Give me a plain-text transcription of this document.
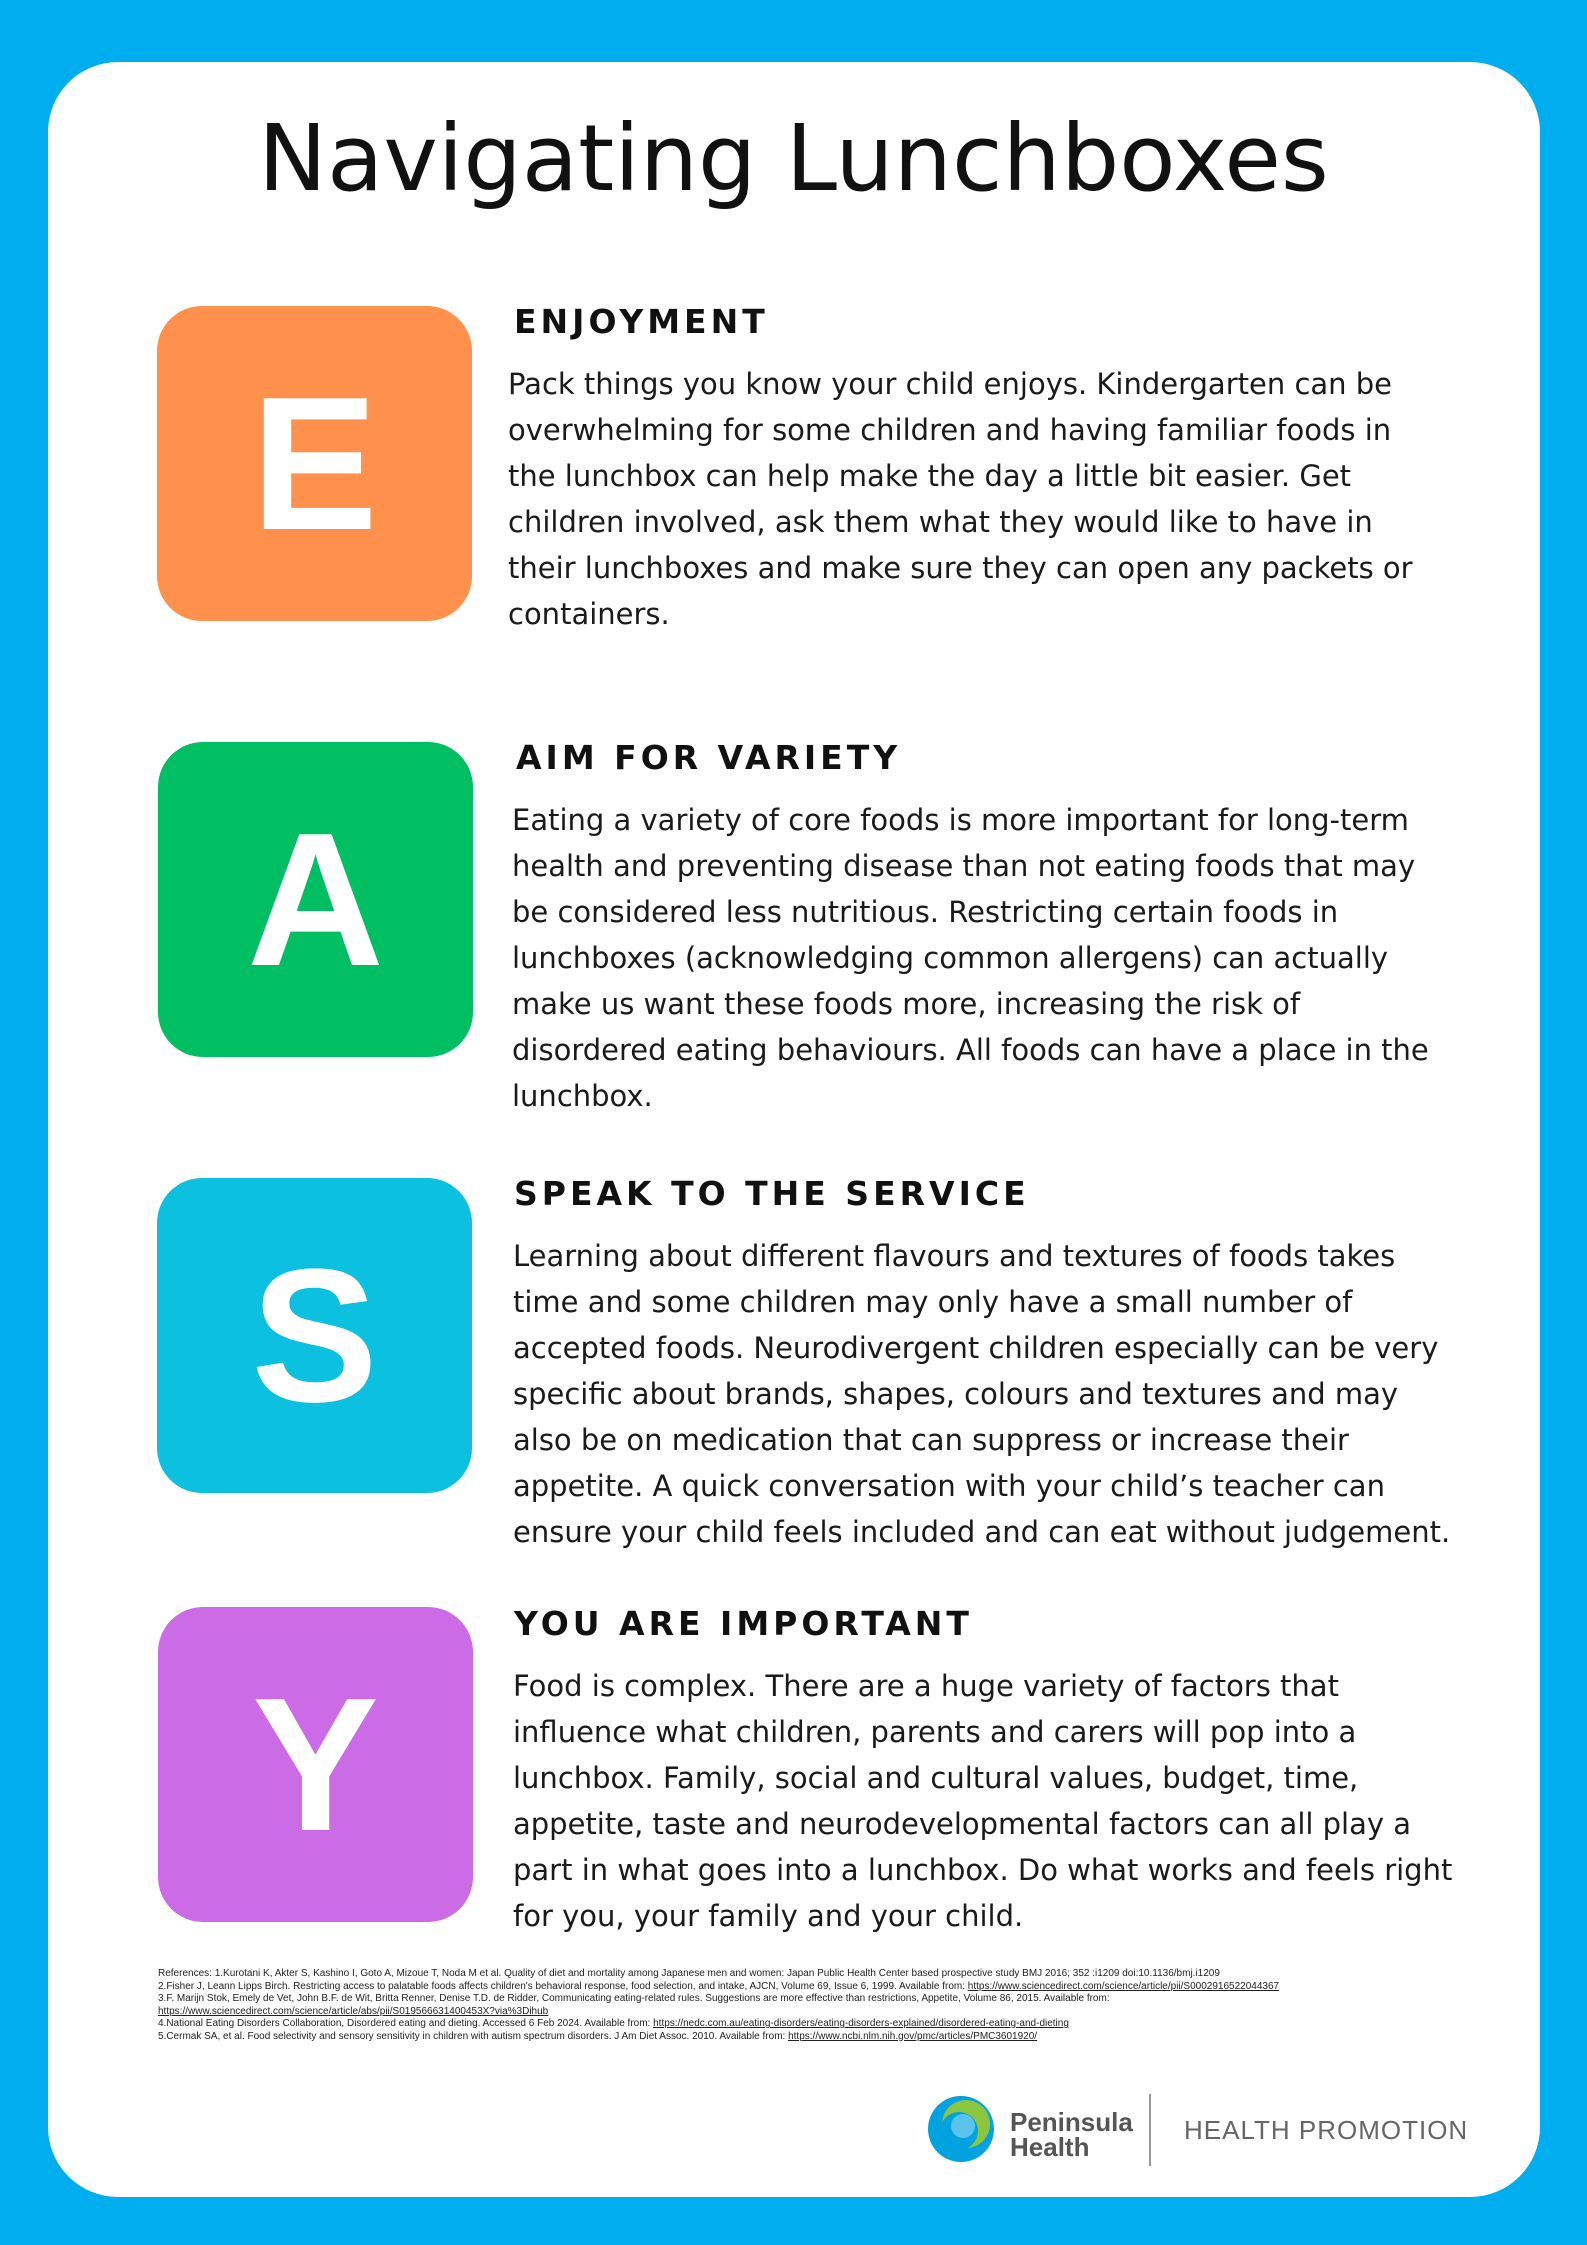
Navigating Lunchboxes
E
ENJOYMENT
Pack things you know your child enjoys. Kindergarten can be overwhelming for some children and having familiar foods in the lunchbox can help make the day a little bit easier. Get children involved, ask them what they would like to have in their lunchboxes and make sure they can open any packets or containers.
A
AIM FOR VARIETY
Eating a variety of core foods is more important for long-term health and preventing disease than not eating foods that may be considered less nutritious. Restricting certain foods in lunchboxes (acknowledging common allergens) can actually make us want these foods more, increasing the risk of disordered eating behaviours. All foods can have a place in the lunchbox.
S
SPEAK TO THE SERVICE
Learning about different flavours and textures of foods takes time and some children may only have a small number of accepted foods. Neurodivergent children especially can be very specific about brands, shapes, colours and textures and may also be on medication that can suppress or increase their appetite. A quick conversation with your child’s teacher can ensure your child feels included and can eat without judgement.
Y
YOU ARE IMPORTANT
Food is complex. There are a huge variety of factors that influence what children, parents and carers will pop into a lunchbox. Family, social and cultural values, budget, time, appetite, taste and neurodevelopmental factors can all play a part in what goes into a lunchbox. Do what works and feels right for you, your family and your child.
References: 1.Kurotani K, Akter S, Kashino I, Goto A, Mizoue T, Noda M et al. Quality of diet and mortality among Japanese men and women: Japan Public Health Center based prospective study BMJ 2016; 352 :i1209 doi:10.1136/bmj.i1209
2.Fisher J, Leann Lipps Birch. Restricting access to palatable foods affects children's behavioral response, food selection, and intake, AJCN, Volume 69, Issue 6, 1999. Available from: https://www.sciencedirect.com/science/article/pii/S0002916522044367
3.F. Marijn Stok, Emely de Vet, John B.F. de Wit, Britta Renner, Denise T.D. de Ridder, Communicating eating-related rules. Suggestions are more effective than restrictions, Appetite, Volume 86, 2015. Available from:
https://www.sciencedirect.com/science/article/abs/pii/S019566631400453X?via%3Dihub
4.National Eating Disorders Collaboration, Disordered eating and dieting. Accessed 6 Feb 2024. Available from: https://nedc.com.au/eating-disorders/eating-disorders-explained/disordered-eating-and-dieting
5.Cermak SA, et al. Food selectivity and sensory sensitivity in children with autism spectrum disorders. J Am Diet Assoc. 2010. Available from: https://www.ncbi.nlm.nih.gov/pmc/articles/PMC3601920/
Peninsula
Health
HEALTH PROMOTION
